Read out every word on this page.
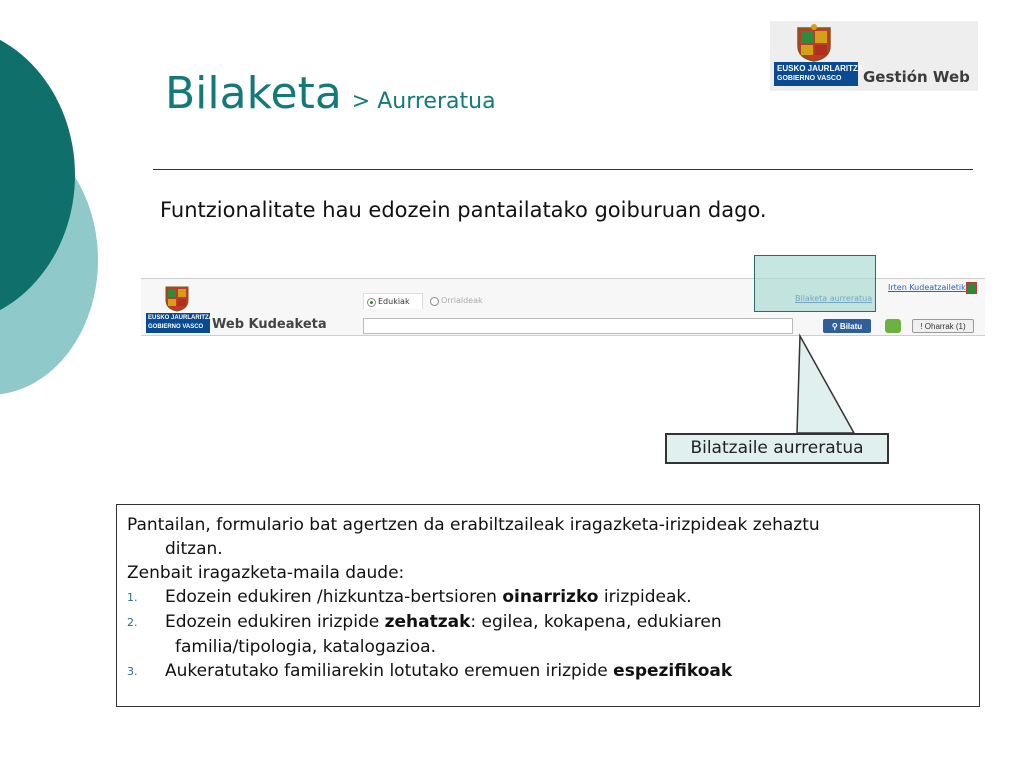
Bilaketa > Aurreratua
EUSKO JAURLARITZA
GOBIERNO VASCO Gestión Web
Funtzionalitate hau edozein pantailatako goiburuan dago.
EUSKO JAURLARITZA
GOBIERNO VASCO Web Kudeaketa
Edukiak	Orrialdeak
⚲ Bilatu
Irten Kudeatzailetik
! Oharrak (1)
Bilatzaile aurreratua

Pantailan, formulario bat agertzen da erabiltzaileak iragazketa-irizpideak zehaztu

ditzan.

Zenbait iragazketa-maila daude:

1. Edozein edukiren /hizkuntza-bertsioren oinarrizko irizpideak.

2. Edozein edukiren irizpide zehatzak: egilea, kokapena, edukiaren

familia/tipologia, katalogazioa.

3. Aukeratutako familiarekin lotutako eremuen irizpide espezifikoak
